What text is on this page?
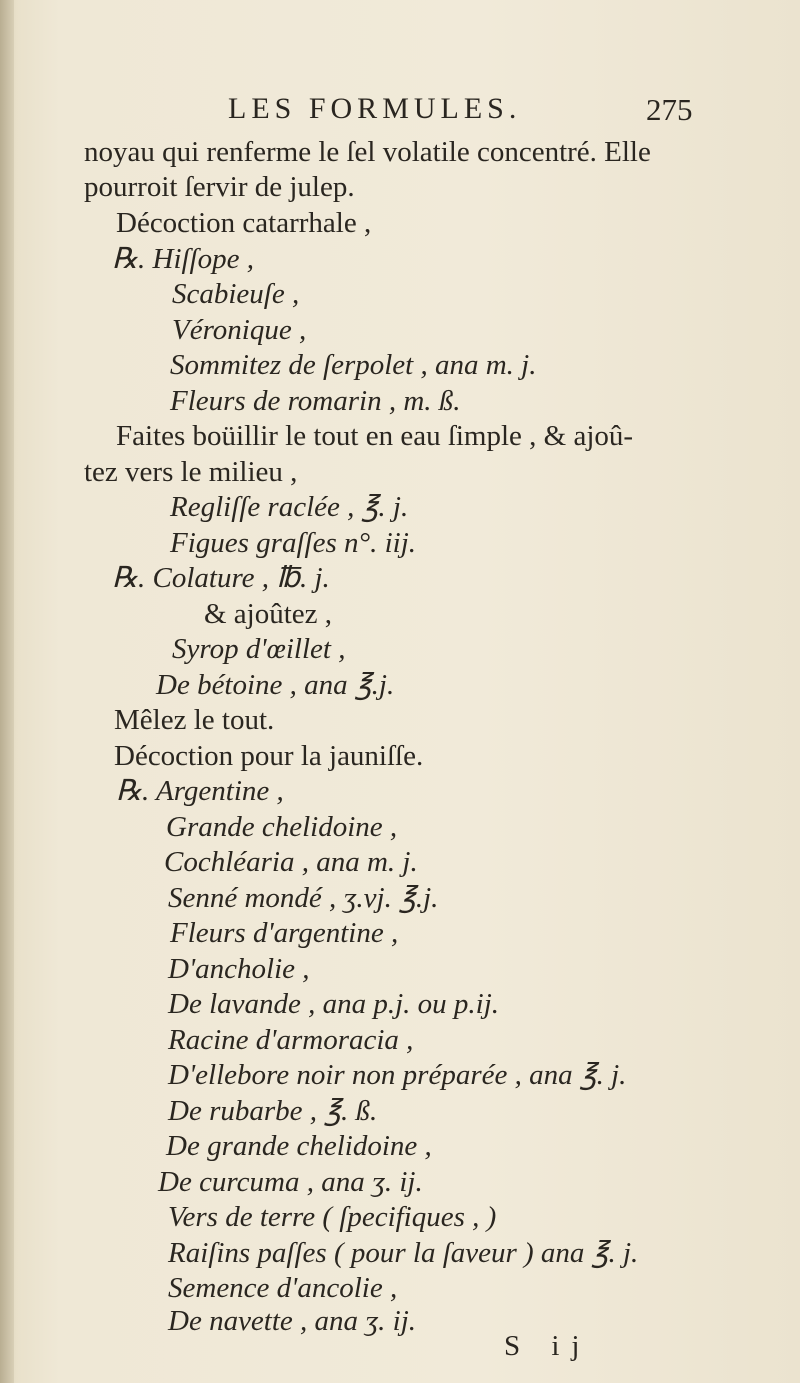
LES FORMULES.	275
noyau qui renferme le ſel volatile concentré. Elle
pourroit ſervir de julep.
Décoction catarrhale ,
℞. Hiſſope ,
Scabieuſe ,
Véronique ,
Sommitez de ſerpolet , ana m. j.
Fleurs de romarin , m. ß.
Faites boüillir le tout en eau ſimple , & ajoû-
tez vers le milieu ,
Regliſſe raclée , ℥. j.
Figues graſſes n°. iij.
℞. Colature , ℔. j.
& ajoûtez ,
Syrop d'œillet ,
De bétoine , ana ℥.j.
Mêlez le tout.
Décoction pour la jauniſſe.
℞. Argentine ,
Grande chelidoine ,
Cochléaria , ana m. j.
Senné mondé , ʒ.vj. ℥.j.
Fleurs d'argentine ,
D'ancholie ,
De lavande , ana p.j. ou p.ij.
Racine d'armoracia ,
D'ellebore noir non préparée , ana ℥. j.
De rubarbe , ℥. ß.
De grande chelidoine ,
De curcuma , ana ʒ. ij.
Vers de terre ( ſpecifiques , )
Raiſins paſſes ( pour la ſaveur ) ana ℥. j.
Semence d'ancolie ,
De navette , ana ʒ. ij.
S ij
